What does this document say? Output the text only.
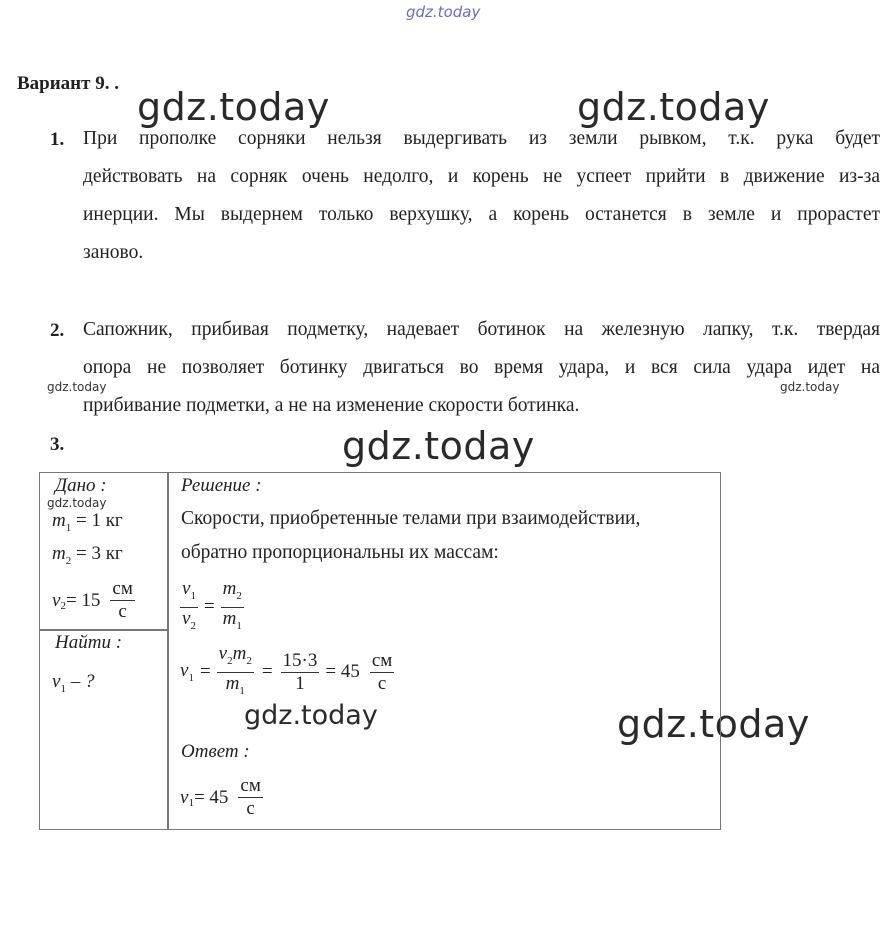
gdz.today
gdz.today	gdz.today
gdz.today	gdz.today
gdz.today
gdz.today
gdz.today	gdz.today
Вариант 9. .
1. При прополке сорняки нельзя выдергивать из земли рывком, т.к. рука будет
действовать на сорняк очень недолго, и корень не успеет прийти в движение из-за
инерции. Мы выдернем только верхушку, а корень останется в земле и прорастет
заново.
2. Сапожник, прибивая подметку, надевает ботинок на железную лапку, т.к. твердая
опора не позволяет ботинку двигаться во время удара, и вся сила удара идет на
прибивание подметки, а не на изменение скорости ботинка.
3.
Дано :
$m_1 = 1$ кг
$m_2 = 3$ кг
$v_2 = 15 \frac{см}{с}$
Найти :
$v_1$ – ?
Решение :
Скорости, приобретенные телами при взаимодействии,
обратно пропорциональны их массам:
$\frac{v_1}{v_2} = \frac{m_2}{m_1}$
$v_1 = \frac{v_2m_2}{m_1} = \frac{15\cdot 3}{1} = 45 \frac{см}{с}$
Ответ :
$v_1 = 45 \frac{см}{с}$
